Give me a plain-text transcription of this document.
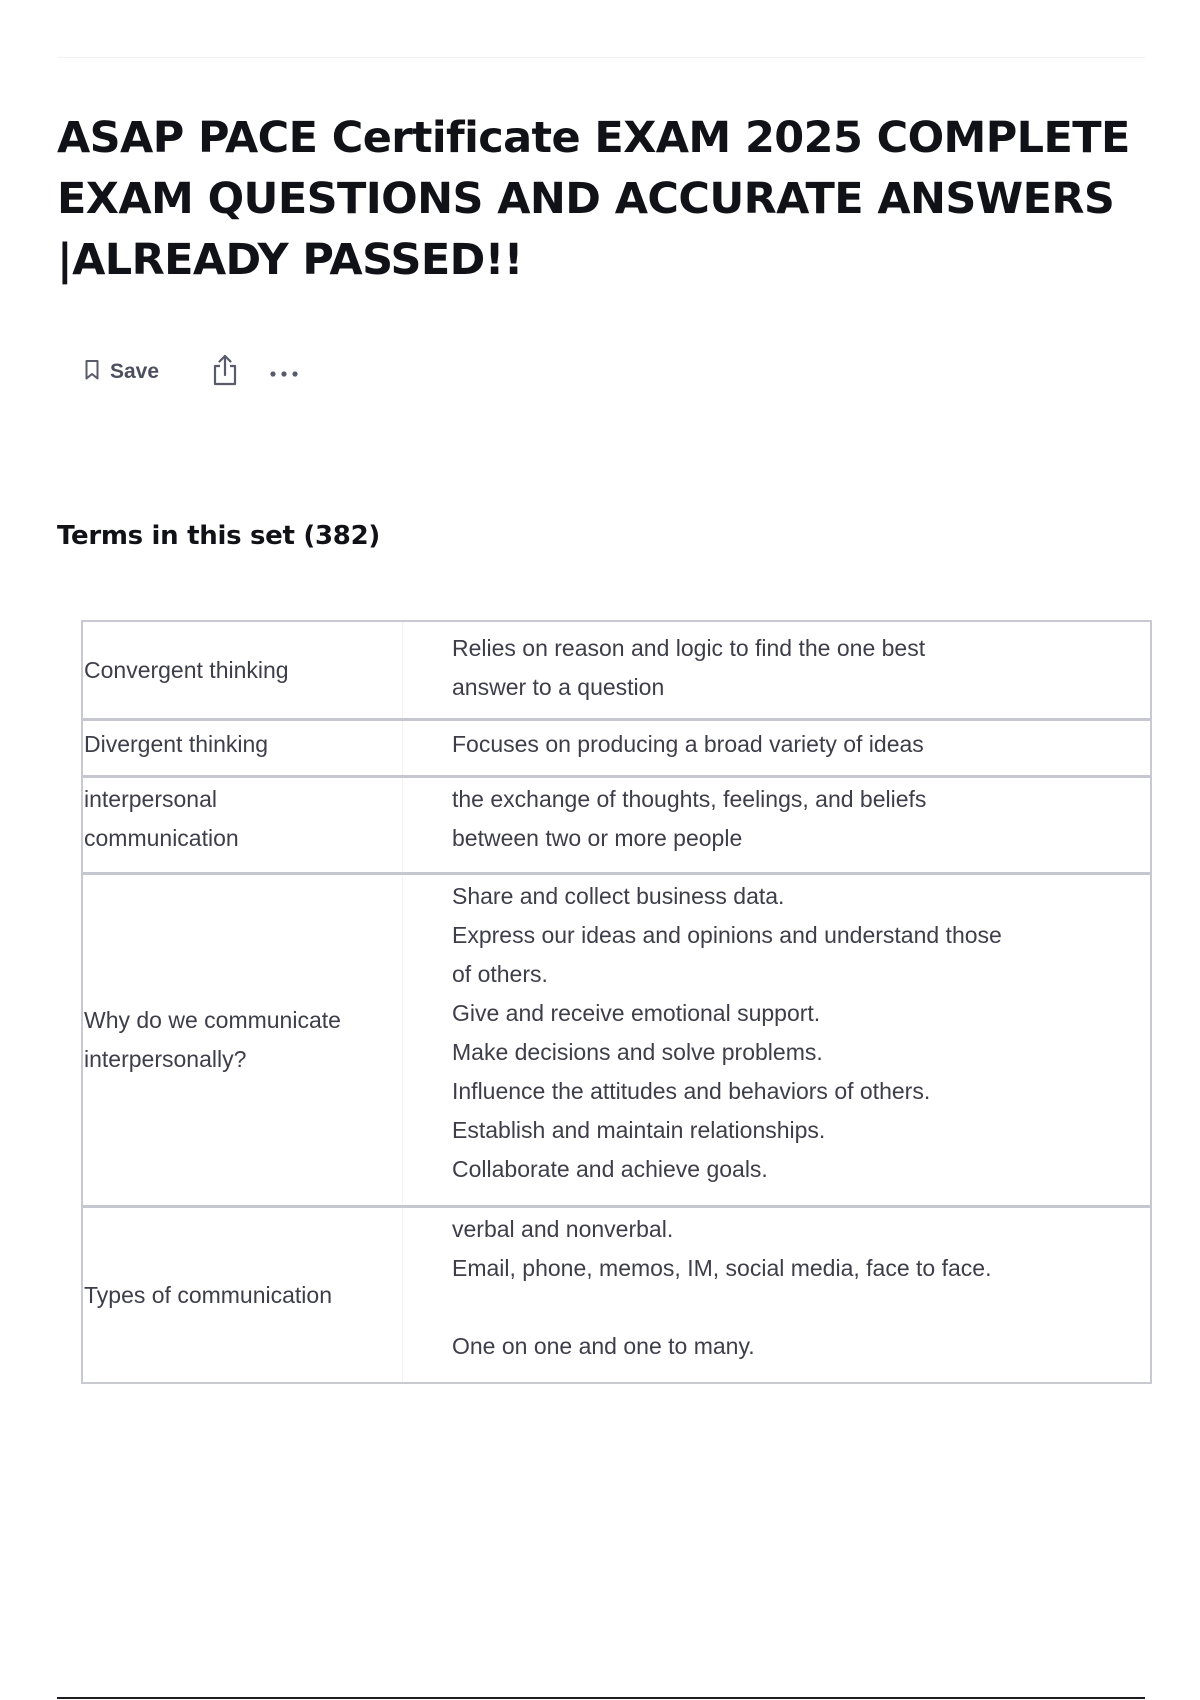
ASAP PACE Certificate EXAM 2025 COMPLETE EXAM QUESTIONS AND ACCURATE ANSWERS |ALREADY PASSED!!
Save
Terms in this set (382)
Convergent thinking
Relies on reason and logic to find the one best
answer to a question
Divergent thinking	Focuses on producing a broad variety of ideas
interpersonal communication
the exchange of thoughts, feelings, and beliefs
between two or more people
Why do we communicate interpersonally?
Share and collect business data.
Express our ideas and opinions and understand those
of others.
Give and receive emotional support.
Make decisions and solve problems.
Influence the attitudes and behaviors of others.
Establish and maintain relationships.
Collaborate and achieve goals.
Types of communication
verbal and nonverbal.
Email, phone, memos, IM, social media, face to face.
One on one and one to many.
